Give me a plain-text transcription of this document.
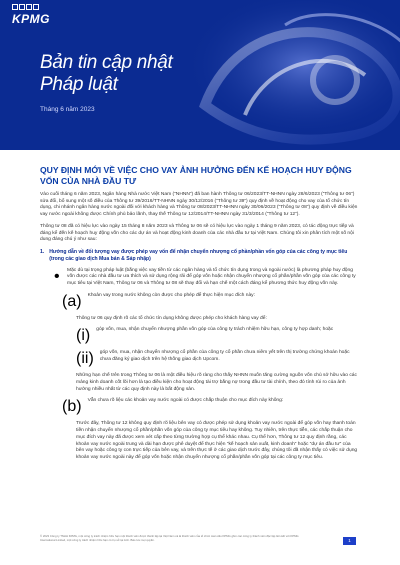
KPMG
Bản tin cập nhật
Pháp luật
Tháng 6 năm 2023
QUY ĐỊNH MỚI VỀ VIỆC CHO VAY ẢNH HƯỞNG ĐẾN KẾ HOẠCH HUY ĐỘNG VỐN CỦA NHÀ ĐẦU TƯ

Vào cuối tháng 6 năm 2023, Ngân hàng Nhà nước Việt Nam (“NHNN”) đã ban hành Thông tư 06/2023/TT-NHNN ngày 28/6/2023 (“Thông tư 06”) sửa đổi, bổ sung một số điều của Thông tư 39/2016/TT-NHNN ngày 30/12/2016 (“Thông tư 39”) quy định về hoạt động cho vay của tổ chức tín dụng, chi nhánh ngân hàng nước ngoài đối với khách hàng và Thông tư 08/2023/TT-NHNN ngày 30/06/2023 (“Thông tư 08”) quy định về điều kiện vay nước ngoài không được Chính phủ bảo lãnh, thay thế Thông tư 12/2014/TT-NHNN ngày 31/3/2014 (“Thông tư 12”).

Thông tư 08 đã có hiệu lực vào ngày 15 tháng 8 năm 2023 và Thông tư 06 sẽ có hiệu lực vào ngày 1 tháng 9 năm 2023, có tác động trực tiếp và đáng kể đến kế hoạch huy động vốn cho các dự án và hoạt động kinh doanh của các nhà đầu tư tại Việt Nam. Chúng tôi xin phân tích một số nội dung đáng chú ý như sau:

1. Hướng dẫn về đối tượng vay được phép vay vốn để nhận chuyển nhượng cổ phần/phần vốn góp của các công ty mục tiêu (trong các giao dịch Mua bán & Sáp nhập)
•	Mặc dù tại trọng pháp luật (bằng việc vay tiền từ các ngân hàng và tổ chức tín dụng trong và ngoài nước) là phương pháp huy động vốn được các nhà đầu tư ưa thích và sử dụng rộng rãi để góp vốn hoặc nhận chuyển nhượng cổ phần/phần vốn góp của các công ty mục tiêu tại Việt Nam, Thông tư 06 và Thông tư 08 sẽ thay đổi và hạn chế một cách đáng kể phương thức huy động vốn này.

(a) Khoản vay trong nước không còn được cho phép để thực hiện mục đích này:

Thông tư 06 quy định rõ các tổ chức tín dụng không được phép cho khách hàng vay để:

(i) góp vốn, mua, nhận chuyển nhượng phần vốn góp của công ty trách nhiệm hữu hạn, công ty hợp danh; hoặc

(ii) góp vốn, mua, nhận chuyển nhượng cổ phần của công ty cổ phần chưa niêm yết trên thị trường chứng khoán hoặc chưa đăng ký giao dịch trên hệ thống giao dịch Upcom.

Những hạn chế trên trong Thông tư 06 là một điều hiệu rõ ràng cho thấy NHNN muốn tăng cường nguồn vốn chủ sở hữu vào các mảng kinh doanh cốt lõi hơn là tạo điều kiện cho hoạt động tài trợ bằng nợ trong đầu tư tài chính, theo đó tính rủi ro của ảnh hưởng nhiều nhất từ các quy định này là bất động sản.

(b) Vẫn chưa rõ liệu các khoản vay nước ngoài có được chấp thuận cho mục đích này không:

Trước đây, Thông tư 12 không quy định rõ liệu bên vay có được phép sử dụng khoản vay nước ngoài để góp vốn hay thanh toán tiền nhận chuyển nhượng cổ phần/phần vốn góp của công ty mục tiêu hay không. Tuy nhiên, trên thực tiễn, các chấp thuận cho mục đích vay này đã được xem xét cấp theo từng trường hợp cụ thể khác nhau. Cụ thể hơn, Thông tư 12 quy định rằng, các khoản vay nước ngoài trung và dài hạn được phê duyệt để thực hiện “kế hoạch sản xuất, kinh doanh” hoặc “dự án đầu tư” của bên vay hoặc công ty con trực tiếp của bên vay, và trên thực tế ở các giao dịch trước đây, chúng tôi đã nhận thấy có việc sử dụng khoản vay nước ngoài này để góp vốn hoặc nhận chuyển nhượng cổ phần/phần vốn góp tại các công ty mục tiêu.

© 2023 Công ty TNHH KPMG, một công ty trách nhiệm hữu hạn một thành viên được thành lập tại Việt Nam và là thành viên của tổ chức toàn cầu KPMG gồm các công ty thành viên độc lập liên kết với KPMG International Limited, một công ty trách nhiệm hữu hạn có trụ sở tại Anh. Bảo lưu mọi quyền.	1
